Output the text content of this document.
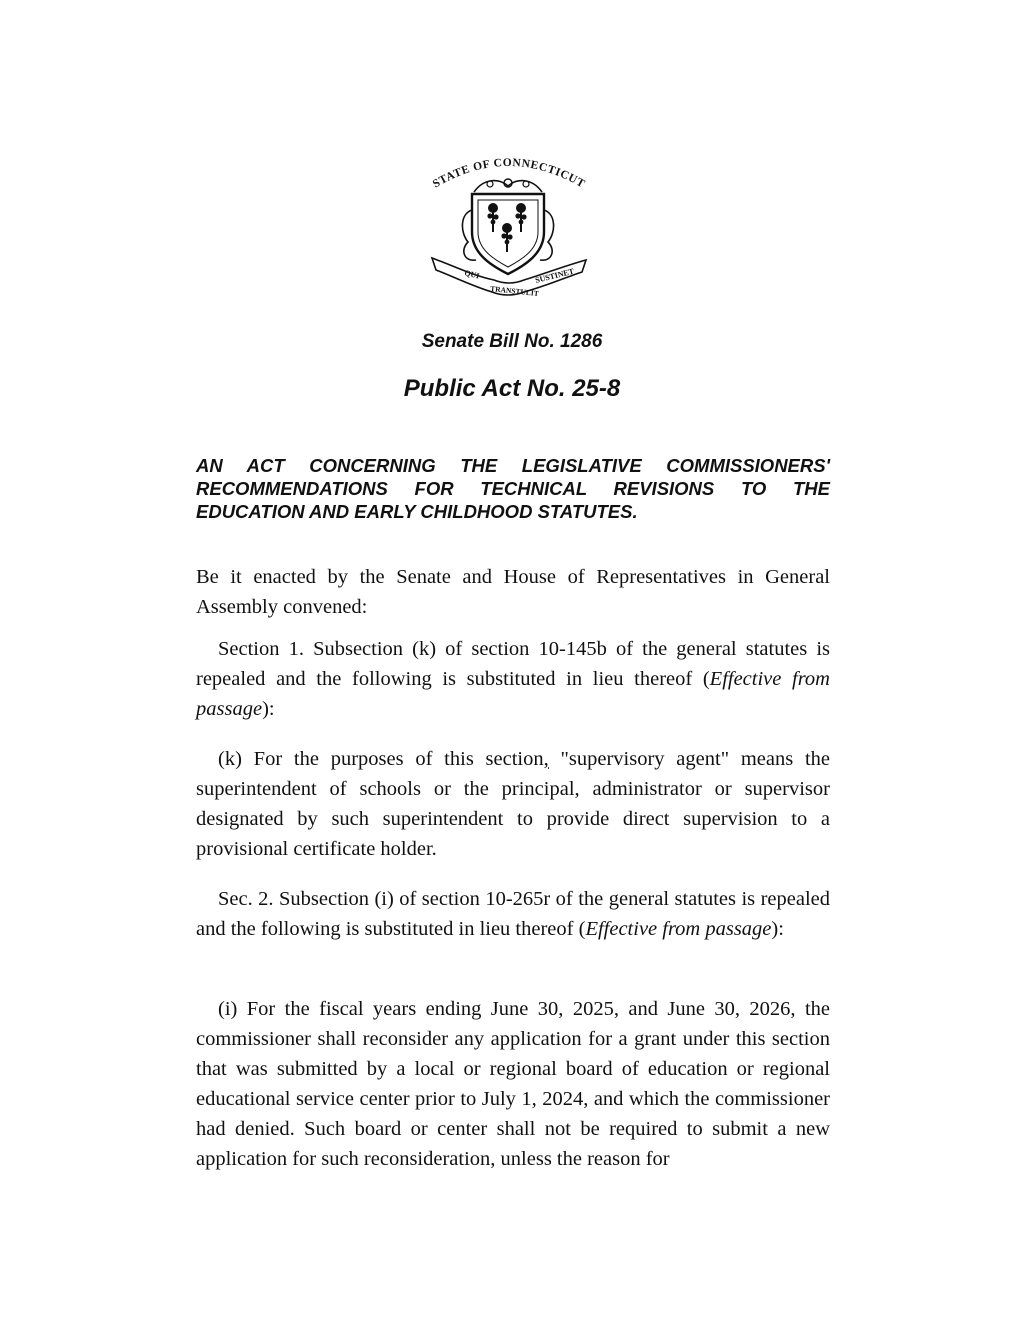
STATE OF CONNECTICUT
QUI
TRANSTULIT
SUSTINET
Senate Bill No. 1286
Public Act No. 25-8
AN ACT CONCERNING THE LEGISLATIVE COMMISSIONERS' RECOMMENDATIONS FOR TECHNICAL REVISIONS TO THE EDUCATION AND EARLY CHILDHOOD STATUTES.

Be it enacted by the Senate and House of Representatives in General Assembly convened:

Section 1. Subsection (k) of section 10-145b of the general statutes is repealed and the following is substituted in lieu thereof (Effective from passage):

(k) For the purposes of this section, "supervisory agent" means the superintendent of schools or the principal, administrator or supervisor designated by such superintendent to provide direct supervision to a provisional certificate holder.

Sec. 2. Subsection (i) of section 10-265r of the general statutes is repealed and the following is substituted in lieu thereof (Effective from passage):

(i) For the fiscal years ending June 30, 2025, and June 30, 2026, the commissioner shall reconsider any application for a grant under this section that was submitted by a local or regional board of education or regional educational service center prior to July 1, 2024, and which the commissioner had denied. Such board or center shall not be required to submit a new application for such reconsideration, unless the reason for
